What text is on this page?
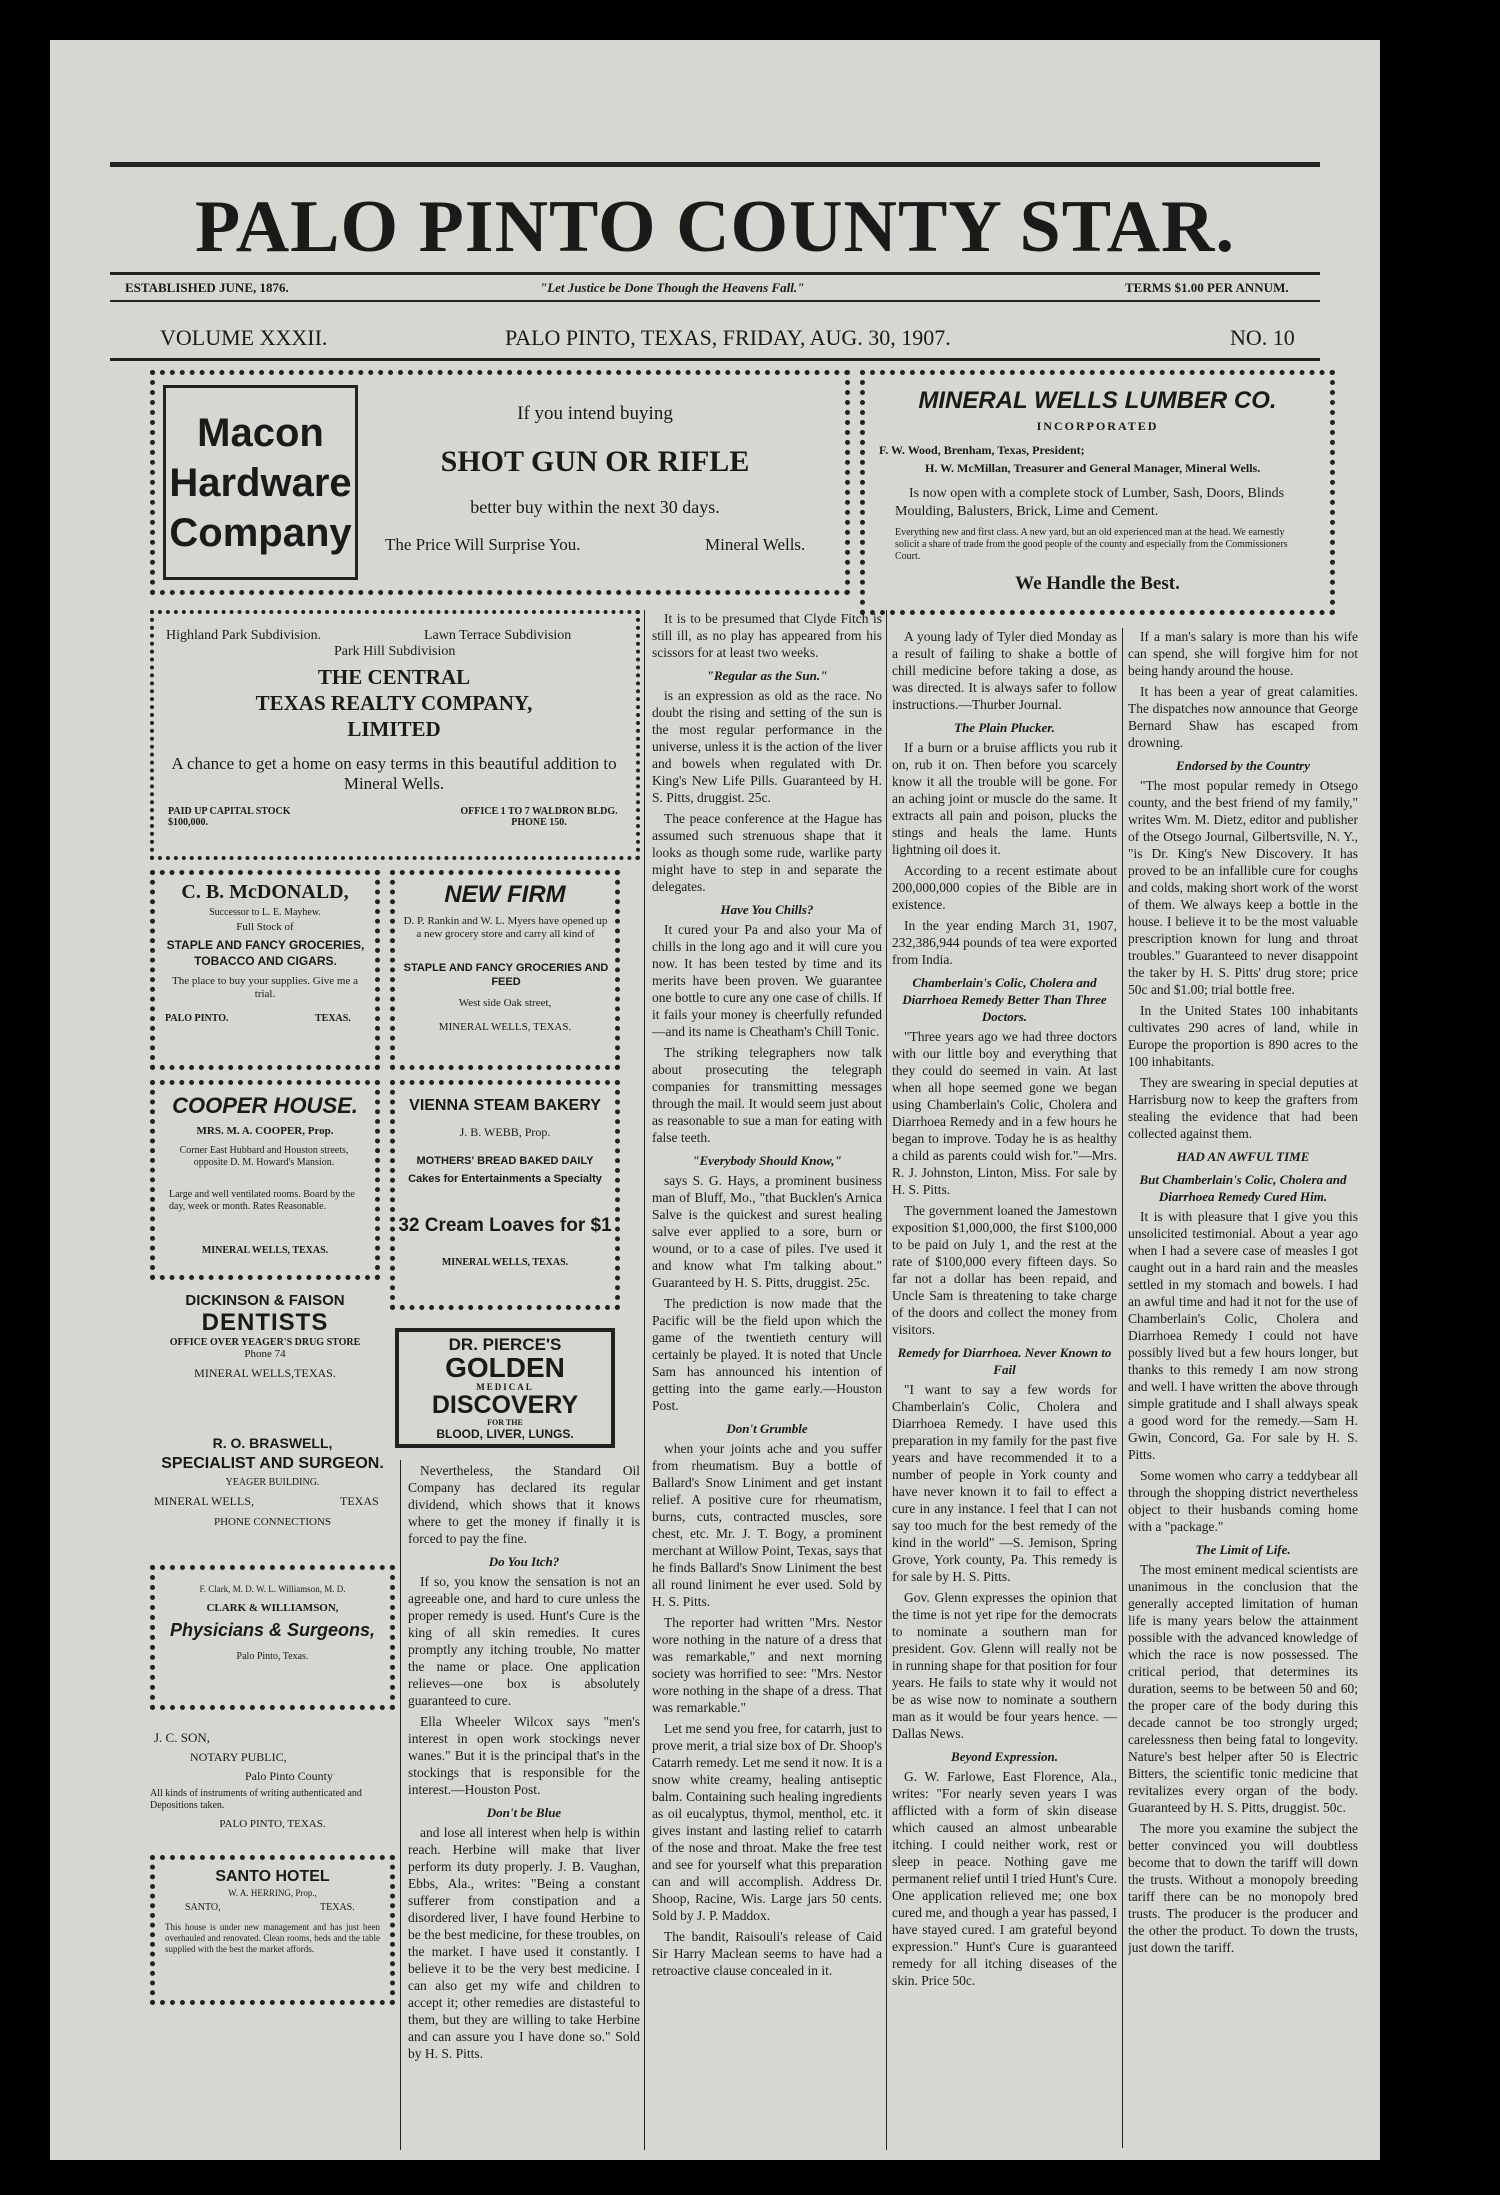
PALO PINTO COUNTY STAR.
ESTABLISHED JUNE, 1876.	"Let Justice be Done Though the Heavens Fall."	TERMS $1.00 PER ANNUM.
VOLUME XXXII.	PALO PINTO, TEXAS, FRIDAY, AUG. 30, 1907.	NO. 10
Macon
Hardware
Company
If you intend buying
SHOT GUN OR RIFLE
better buy within the next 30 days.
The Price Will Surprise You.	Mineral Wells.
MINERAL WELLS LUMBER CO.
INCORPORATED
F. W. Wood, Brenham, Texas, President;
H. W. McMillan, Treasurer and General Manager, Mineral Wells.
Is now open with a complete stock of Lumber, Sash, Doors, Blinds Moulding, Balusters, Brick, Lime and Cement.
Everything new and first class. A new yard, but an old experienced man at the head. We earnestly solicit a share of trade from the good people of the county and especially from the Commissioners Court.
We Handle the Best.
Highland Park Subdivision.	Lawn Terrace Subdivision
Park Hill Subdivision
THE CENTRAL
TEXAS REALTY COMPANY,
LIMITED
A chance to get a home on easy terms in this beautiful addition to Mineral Wells.
PAID UP CAPITAL STOCK $100,000.
OFFICE 1 TO 7 WALDRON BLDG. PHONE 150.
C. B. McDONALD,
Successor to L. E. Mayhew.
Full Stock of
STAPLE AND FANCY GROCERIES, TOBACCO AND CIGARS.
The place to buy your supplies. Give me a trial.
PALO PINTO.	TEXAS.
NEW FIRM
D. P. Rankin and W. L. Myers have opened up a new grocery store and carry all kind of
STAPLE AND FANCY GROCERIES AND FEED
West side Oak street,
MINERAL WELLS, TEXAS.
COOPER HOUSE.
MRS. M. A. COOPER, Prop.
Corner East Hubbard and Houston streets, opposite D. M. Howard's Mansion.
Large and well ventilated rooms. Board by the day, week or month. Rates Reasonable.
MINERAL WELLS, TEXAS.
VIENNA STEAM BAKERY
J. B. WEBB, Prop.
MOTHERS' BREAD BAKED DAILY
Cakes for Entertainments a Specialty
32 Cream Loaves for $1
MINERAL WELLS, TEXAS.
DICKINSON & FAISON
DENTISTS
OFFICE OVER YEAGER'S DRUG STORE
Phone 74
MINERAL WELLS,TEXAS.
DR. PIERCE'S
GOLDEN
MEDICAL
DISCOVERY
FOR THE
BLOOD, LIVER, LUNGS.
R. O. BRASWELL,
SPECIALIST AND SURGEON.
YEAGER BUILDING.
MINERAL WELLS,	TEXAS
PHONE CONNECTIONS
F. Clark, M. D. W. L. Williamson, M. D.
CLARK & WILLIAMSON,
Physicians & Surgeons,
Palo Pinto, Texas.
J. C. SON,
NOTARY PUBLIC,
Palo Pinto County
All kinds of instruments of writing authenticated and Depositions taken.
PALO PINTO, TEXAS.
SANTO HOTEL
W. A. HERRING, Prop.,
SANTO,	TEXAS.
This house is under new management and has just been overhauled and renovated. Clean rooms, beds and the table supplied with the best the market affords.

It is to be presumed that Clyde Fitch is still ill, as no play has appeared from his scissors for at least two weeks.

"Regular as the Sun."

is an expression as old as the race. No doubt the rising and setting of the sun is the most regular performance in the universe, unless it is the action of the liver and bowels when regulated with Dr. King's New Life Pills. Guaranteed by H. S. Pitts, druggist. 25c.

The peace conference at the Hague has assumed such strenuous shape that it looks as though some rude, warlike party might have to step in and separate the delegates.

Have You Chills?

It cured your Pa and also your Ma of chills in the long ago and it will cure you now. It has been tested by time and its merits have been proven. We guarantee one bottle to cure any one case of chills. If it fails your money is cheerfully refunded—and its name is Cheatham's Chill Tonic.

The striking telegraphers now talk about prosecuting the telegraph companies for transmitting messages through the mail. It would seem just about as reasonable to sue a man for eating with false teeth.

"Everybody Should Know,"

says S. G. Hays, a prominent business man of Bluff, Mo., "that Bucklen's Arnica Salve is the quickest and surest healing salve ever applied to a sore, burn or wound, or to a case of piles. I've used it and know what I'm talking about." Guaranteed by H. S. Pitts, druggist. 25c.

The prediction is now made that the Pacific will be the field upon which the game of the twentieth century will certainly be played. It is noted that Uncle Sam has announced his intention of getting into the game early.—Houston Post.

Don't Grumble

when your joints ache and you suffer from rheumatism. Buy a bottle of Ballard's Snow Liniment and get instant relief. A positive cure for rheumatism, burns, cuts, contracted muscles, sore chest, etc. Mr. J. T. Bogy, a prominent merchant at Willow Point, Texas, says that he finds Ballard's Snow Liniment the best all round liniment he ever used. Sold by H. S. Pitts.

The reporter had written "Mrs. Nestor wore nothing in the nature of a dress that was remarkable," and next morning society was horrified to see: "Mrs. Nestor wore nothing in the shape of a dress. That was remarkable."

Let me send you free, for catarrh, just to prove merit, a trial size box of Dr. Shoop's Catarrh remedy. Let me send it now. It is a snow white creamy, healing antiseptic balm. Containing such healing ingredients as oil eucalyptus, thymol, menthol, etc. it gives instant and lasting relief to catarrh of the nose and throat. Make the free test and see for yourself what this preparation can and will accomplish. Address Dr. Shoop, Racine, Wis. Large jars 50 cents. Sold by J. P. Maddox.

The bandit, Raisouli's release of Caid Sir Harry Maclean seems to have had a retroactive clause concealed in it.

Nevertheless, the Standard Oil Company has declared its regular dividend, which shows that it knows where to get the money if finally it is forced to pay the fine.

Do You Itch?

If so, you know the sensation is not an agreeable one, and hard to cure unless the proper remedy is used. Hunt's Cure is the king of all skin remedies. It cures promptly any itching trouble, No matter the name or place. One application relieves—one box is absolutely guaranteed to cure.

Ella Wheeler Wilcox says "men's interest in open work stockings never wanes." But it is the principal that's in the stockings that is responsible for the interest.—Houston Post.

Don't be Blue

and lose all interest when help is within reach. Herbine will make that liver perform its duty properly. J. B. Vaughan, Ebbs, Ala., writes: "Being a constant sufferer from constipation and a disordered liver, I have found Herbine to be the best medicine, for these troubles, on the market. I have used it constantly. I believe it to be the very best medicine. I can also get my wife and children to accept it; other remedies are distasteful to them, but they are willing to take Herbine and can assure you I have done so." Sold by H. S. Pitts.

A young lady of Tyler died Monday as a result of failing to shake a bottle of chill medicine before taking a dose, as was directed. It is always safer to follow instructions.—Thurber Journal.

The Plain Plucker.

If a burn or a bruise afflicts you rub it on, rub it on. Then before you scarcely know it all the trouble will be gone. For an aching joint or muscle do the same. It extracts all pain and poison, plucks the stings and heals the lame. Hunts lightning oil does it.

According to a recent estimate about 200,000,000 copies of the Bible are in existence.

In the year ending March 31, 1907, 232,386,944 pounds of tea were exported from India.

Chamberlain's Colic, Cholera and Diarrhoea Remedy Better Than Three Doctors.

"Three years ago we had three doctors with our little boy and everything that they could do seemed in vain. At last when all hope seemed gone we began using Chamberlain's Colic, Cholera and Diarrhoea Remedy and in a few hours he began to improve. Today he is as healthy a child as parents could wish for."—Mrs. R. J. Johnston, Linton, Miss. For sale by H. S. Pitts.

The government loaned the Jamestown exposition $1,000,000, the first $100,000 to be paid on July 1, and the rest at the rate of $100,000 every fifteen days. So far not a dollar has been repaid, and Uncle Sam is threatening to take charge of the doors and collect the money from visitors.

Remedy for Diarrhoea. Never Known to Fail

"I want to say a few words for Chamberlain's Colic, Cholera and Diarrhoea Remedy. I have used this preparation in my family for the past five years and have recommended it to a number of people in York county and have never known it to fail to effect a cure in any instance. I feel that I can not say too much for the best remedy of the kind in the world" —S. Jemison, Spring Grove, York county, Pa. This remedy is for sale by H. S. Pitts.

Gov. Glenn expresses the opinion that the time is not yet ripe for the democrats to nominate a southern man for president. Gov. Glenn will really not be in running shape for that position for four years. He fails to state why it would not be as wise now to nominate a southern man as it would be four years hence. —Dallas News.

Beyond Expression.

G. W. Farlowe, East Florence, Ala., writes: "For nearly seven years I was afflicted with a form of skin disease which caused an almost unbearable itching. I could neither work, rest or sleep in peace. Nothing gave me permanent relief until I tried Hunt's Cure. One application relieved me; one box cured me, and though a year has passed, I have stayed cured. I am grateful beyond expression." Hunt's Cure is guaranteed remedy for all itching diseases of the skin. Price 50c.

If a man's salary is more than his wife can spend, she will forgive him for not being handy around the house.

It has been a year of great calamities. The dispatches now announce that George Bernard Shaw has escaped from drowning.

Endorsed by the Country

"The most popular remedy in Otsego county, and the best friend of my family," writes Wm. M. Dietz, editor and publisher of the Otsego Journal, Gilbertsville, N. Y., "is Dr. King's New Discovery. It has proved to be an infallible cure for coughs and colds, making short work of the worst of them. We always keep a bottle in the house. I believe it to be the most valuable prescription known for lung and throat troubles." Guaranteed to never disappoint the taker by H. S. Pitts' drug store; price 50c and $1.00; trial bottle free.

In the United States 100 inhabitants cultivates 290 acres of land, while in Europe the proportion is 890 acres to the 100 inhabitants.

They are swearing in special deputies at Harrisburg now to keep the grafters from stealing the evidence that had been collected against them.

HAD AN AWFUL TIME
But Chamberlain's Colic, Cholera and Diarrhoea Remedy Cured Him.

It is with pleasure that I give you this unsolicited testimonial. About a year ago when I had a severe case of measles I got caught out in a hard rain and the measles settled in my stomach and bowels. I had an awful time and had it not for the use of Chamberlain's Colic, Cholera and Diarrhoea Remedy I could not have possibly lived but a few hours longer, but thanks to this remedy I am now strong and well. I have written the above through simple gratitude and I shall always speak a good word for the remedy.—Sam H. Gwin, Concord, Ga. For sale by H. S. Pitts.

Some women who carry a teddybear all through the shopping district nevertheless object to their husbands coming home with a "package."

The Limit of Life.

The most eminent medical scientists are unanimous in the conclusion that the generally accepted limitation of human life is many years below the attainment possible with the advanced knowledge of which the race is now possessed. The critical period, that determines its duration, seems to be between 50 and 60; the proper care of the body during this decade cannot be too strongly urged; carelessness then being fatal to longevity. Nature's best helper after 50 is Electric Bitters, the scientific tonic medicine that revitalizes every organ of the body. Guaranteed by H. S. Pitts, druggist. 50c.

The more you examine the subject the better convinced you will doubtless become that to down the tariff will down the trusts. Without a monopoly breeding tariff there can be no monopoly bred trusts. The producer is the producer and the other the product. To down the trusts, just down the tariff.
